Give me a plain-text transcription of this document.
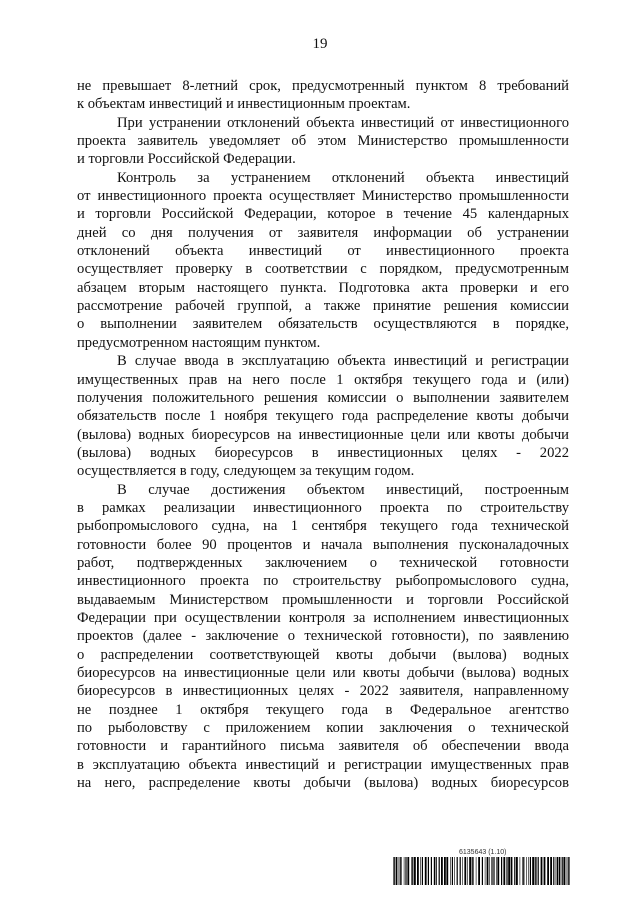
19
не превышает 8-летний срок, предусмотренный пунктом 8 требований
к объектам инвестиций и инвестиционным проектам.
При устранении отклонений объекта инвестиций от инвестиционного
проекта заявитель уведомляет об этом Министерство промышленности
и торговли Российской Федерации.
Контроль за устранением отклонений объекта инвестиций
от инвестиционного проекта осуществляет Министерство промышленности
и торговли Российской Федерации, которое в течение 45 календарных
дней со дня получения от заявителя информации об устранении
отклонений объекта инвестиций от инвестиционного проекта
осуществляет проверку в соответствии с порядком, предусмотренным
абзацем вторым настоящего пункта. Подготовка акта проверки и его
рассмотрение рабочей группой, а также принятие решения комиссии
о выполнении заявителем обязательств осуществляются в порядке,
предусмотренном настоящим пунктом.
В случае ввода в эксплуатацию объекта инвестиций и регистрации
имущественных прав на него после 1 октября текущего года и (или)
получения положительного решения комиссии о выполнении заявителем
обязательств после 1 ноября текущего года распределение квоты добычи
(вылова) водных биоресурсов на инвестиционные цели или квоты добычи
(вылова) водных биоресурсов в инвестиционных целях - 2022
осуществляется в году, следующем за текущим годом.
В случае достижения объектом инвестиций, построенным
в рамках реализации инвестиционного проекта по строительству
рыбопромыслового судна, на 1 сентября текущего года технической
готовности более 90 процентов и начала выполнения пусконаладочных
работ, подтвержденных заключением о технической готовности
инвестиционного проекта по строительству рыбопромыслового судна,
выдаваемым Министерством промышленности и торговли Российской
Федерации при осуществлении контроля за исполнением инвестиционных
проектов (далее - заключение о технической готовности), по заявлению
о распределении соответствующей квоты добычи (вылова) водных
биоресурсов на инвестиционные цели или квоты добычи (вылова) водных
биоресурсов в инвестиционных целях - 2022 заявителя, направленному
не позднее 1 октября текущего года в Федеральное агентство
по рыболовству с приложением копии заключения о технической
готовности и гарантийного письма заявителя об обеспечении ввода
в эксплуатацию объекта инвестиций и регистрации имущественных прав
на него, распределение квоты добычи (вылова) водных биоресурсов
6135643 (1.10)
